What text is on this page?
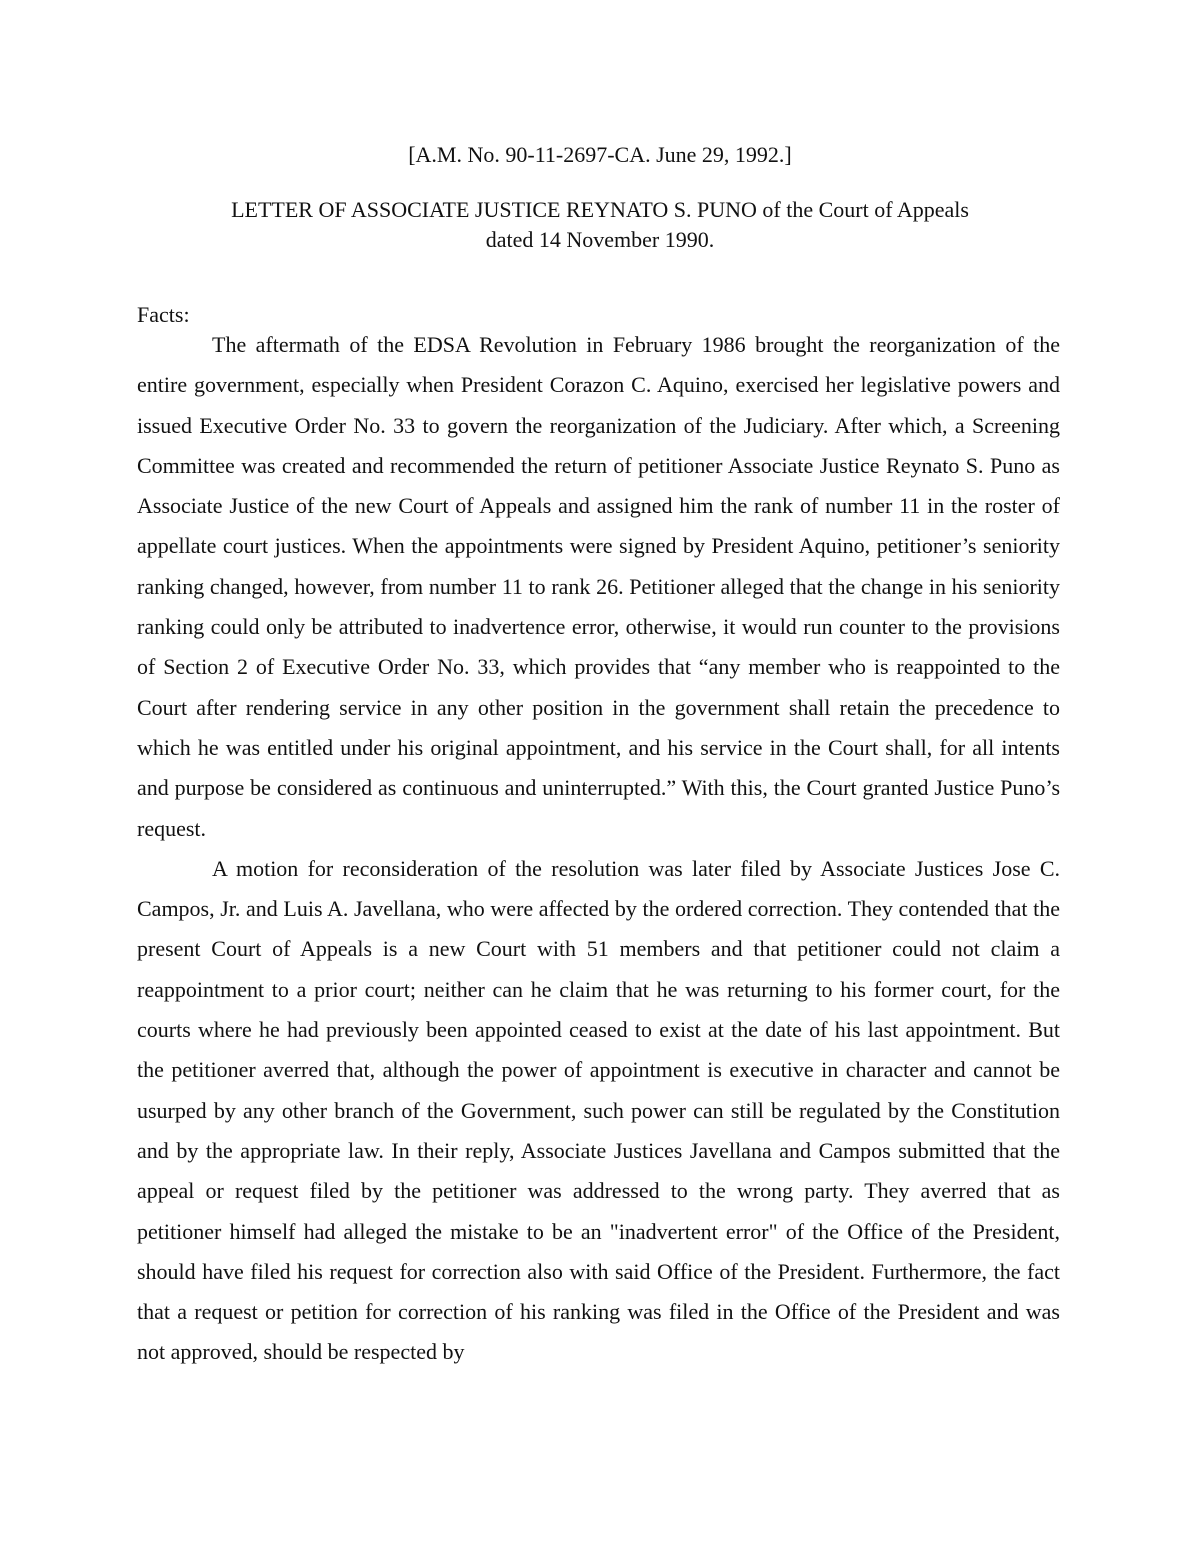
[A.M. No. 90-11-2697-CA. June 29, 1992.]
LETTER OF ASSOCIATE JUSTICE REYNATO S. PUNO of the Court of Appeals
dated 14 November 1990.
Facts:

The aftermath of the EDSA Revolution in February 1986 brought the reorganization of the entire government, especially when President Corazon C. Aquino, exercised her legislative powers and issued Executive Order No. 33 to govern the reorganization of the Judiciary. After which, a Screening Committee was created and recommended the return of petitioner Associate Justice Reynato S. Puno as Associate Justice of the new Court of Appeals and assigned him the rank of number 11 in the roster of appellate court justices. When the appointments were signed by President Aquino, petitioner’s seniority ranking changed, however, from number 11 to rank 26. Petitioner alleged that the change in his seniority ranking could only be attributed to inadvertence error, otherwise, it would run counter to the provisions of Section 2 of Executive Order No. 33, which provides that “any member who is reappointed to the Court after rendering service in any other position in the government shall retain the precedence to which he was entitled under his original appointment, and his service in the Court shall, for all intents and purpose be considered as continuous and uninterrupted.” With this, the Court granted Justice Puno’s request.

A motion for reconsideration of the resolution was later filed by Associate Justices Jose C. Campos, Jr. and Luis A. Javellana, who were affected by the ordered correction. They contended that the present Court of Appeals is a new Court with 51 members and that petitioner could not claim a reappointment to a prior court; neither can he claim that he was returning to his former court, for the courts where he had previously been appointed ceased to exist at the date of his last appointment. But the petitioner averred that, although the power of appointment is executive in character and cannot be usurped by any other branch of the Government, such power can still be regulated by the Constitution and by the appropriate law. In their reply, Associate Justices Javellana and Campos submitted that the appeal or request filed by the petitioner was addressed to the wrong party. They averred that as petitioner himself had alleged the mistake to be an "inadvertent error" of the Office of the President, should have filed his request for correction also with said Office of the President. Furthermore, the fact that a request or petition for correction of his ranking was filed in the Office of the President and was not approved, should be respected by
